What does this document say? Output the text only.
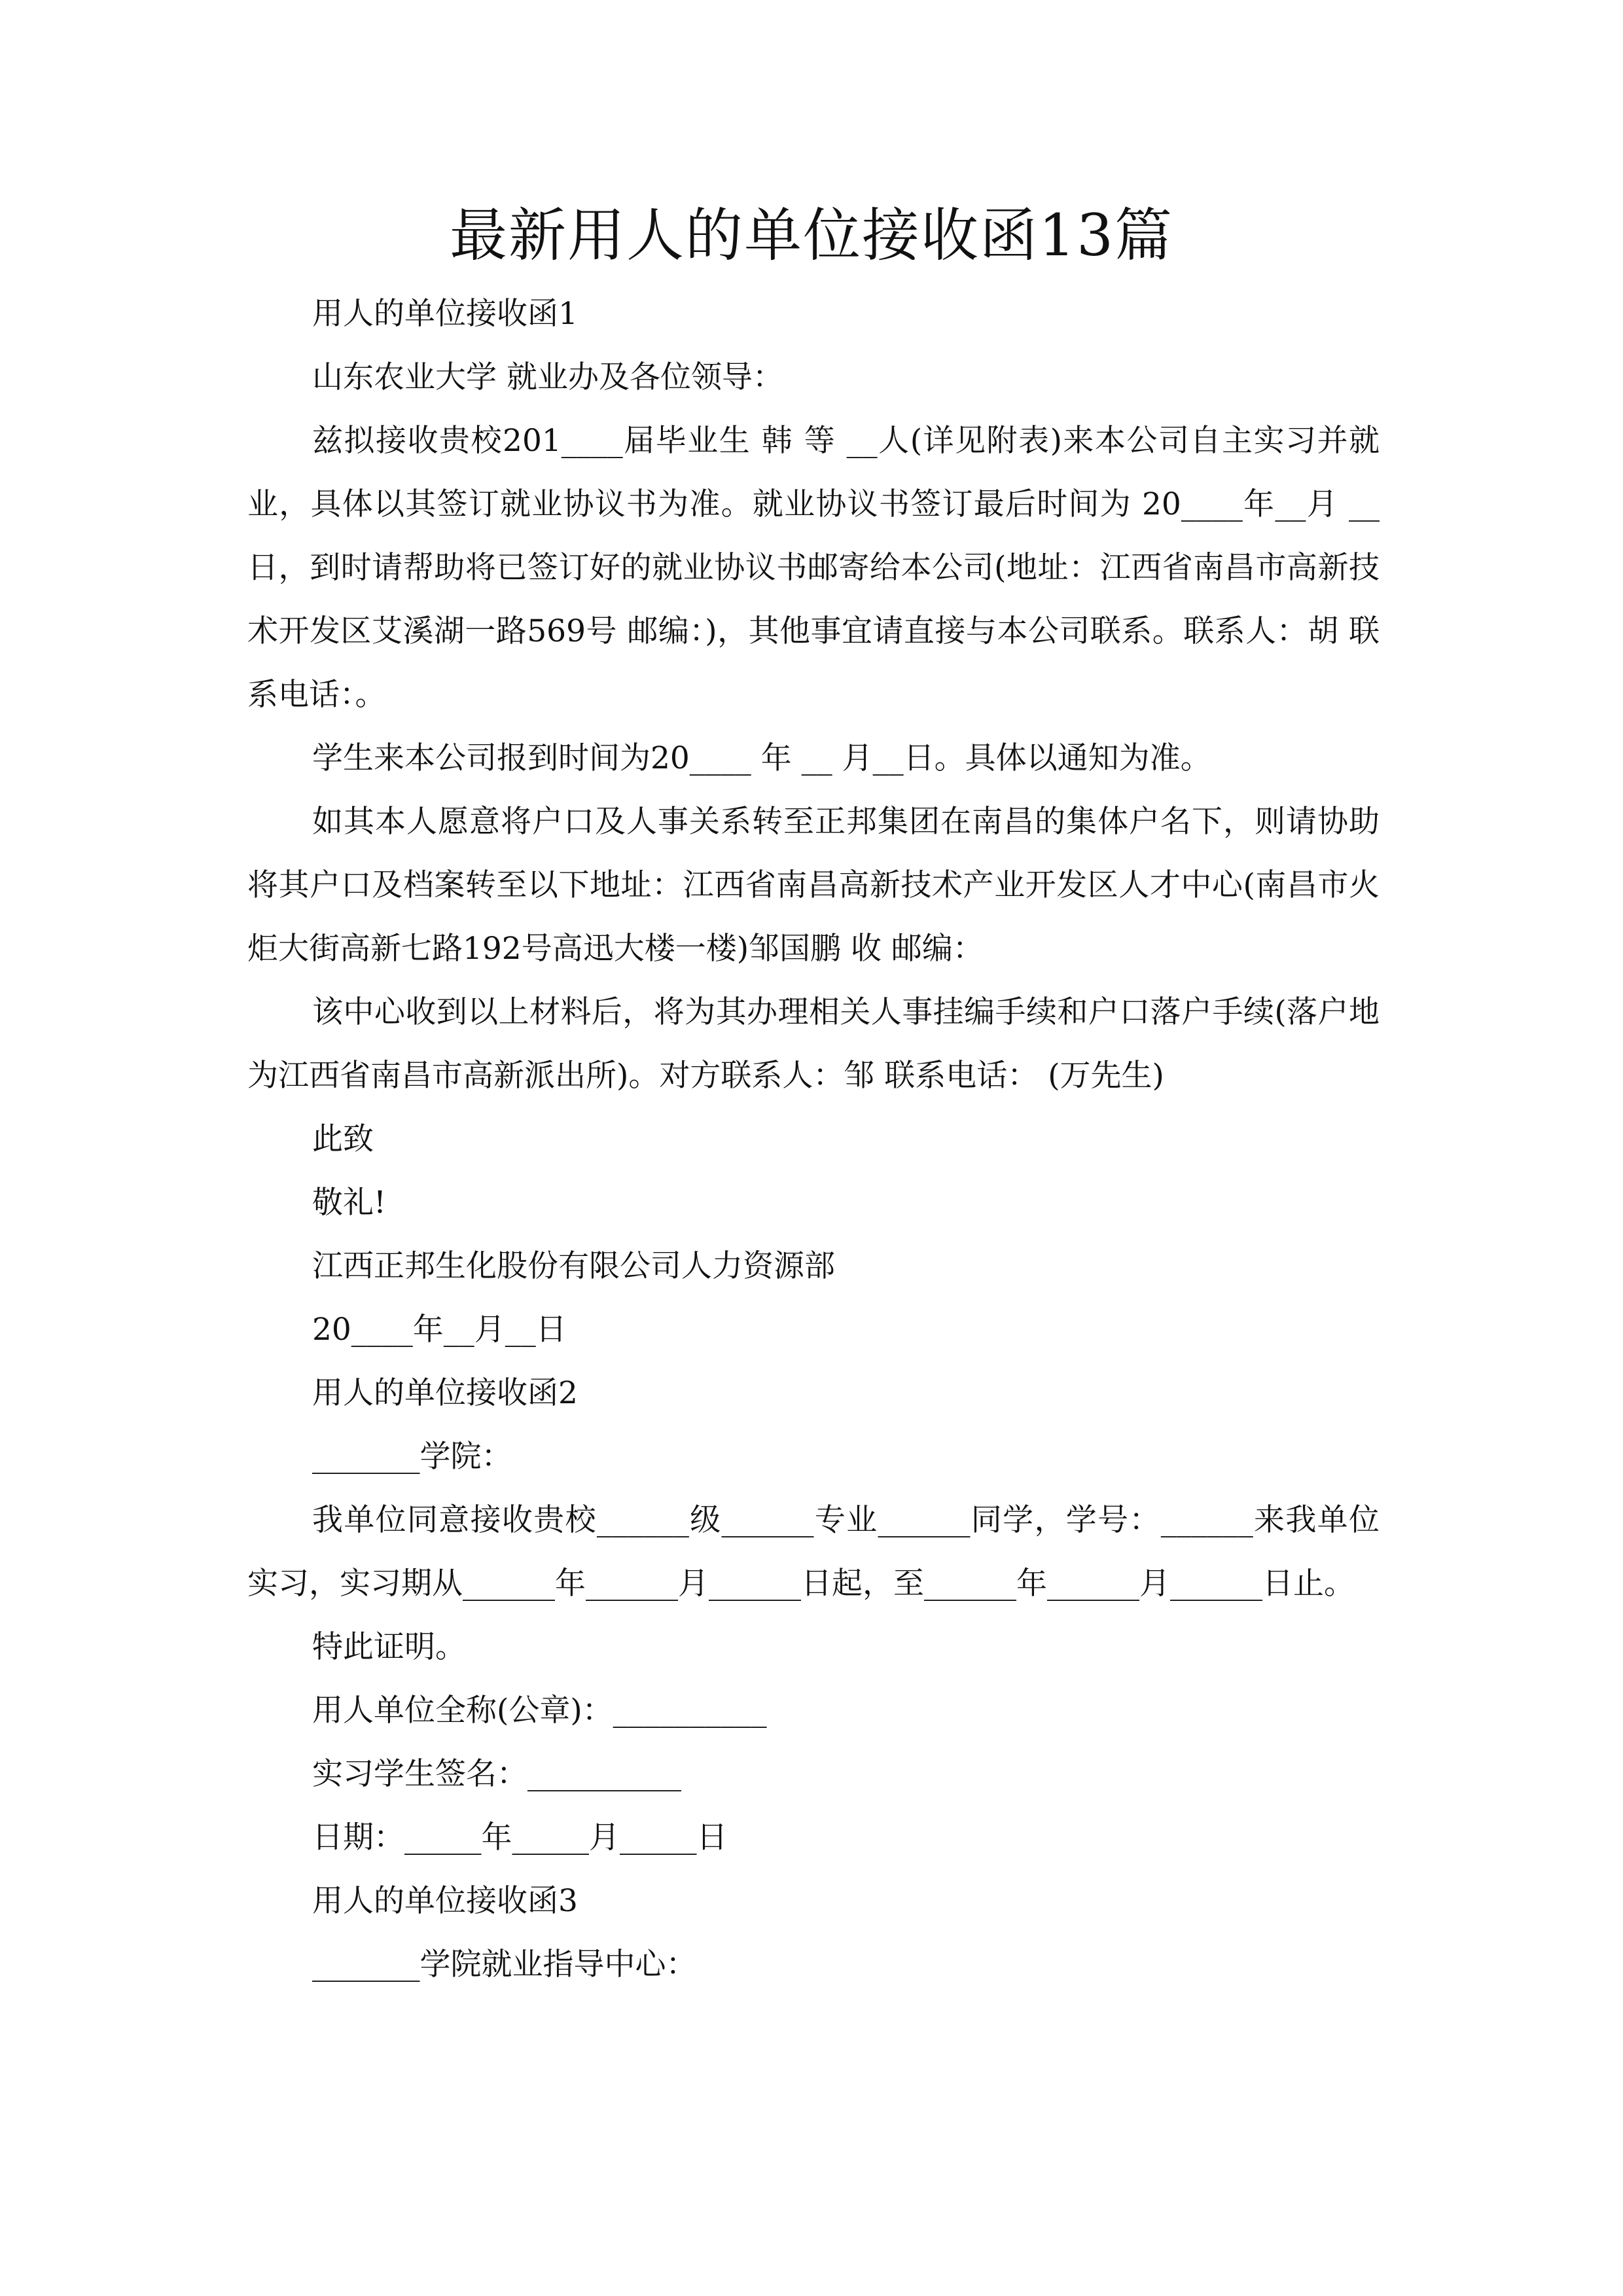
最新用人的单位接收函13篇

用人的单位接收函1

山东农业大学 就业办及各位领导：

兹拟接收贵校201____届毕业生 韩 等 __人(详见附表)来本公司自主实习并就业，具体以其签订就业协议书为准。就业协议书签订最后时间为 20____年__月 __日，到时请帮助将已签订好的就业协议书邮寄给本公司(地址：江西省南昌市高新技术开发区艾溪湖一路569号 邮编：)，其他事宜请直接与本公司联系。联系人：胡 联系电话：。

学生来本公司报到时间为20____ 年 __ 月__日。具体以通知为准。

如其本人愿意将户口及人事关系转至正邦集团在南昌的集体户名下，则请协助将其户口及档案转至以下地址：江西省南昌高新技术产业开发区人才中心(南昌市火炬大街高新七路192号高迅大楼一楼)邹国鹏 收 邮编：

该中心收到以上材料后，将为其办理相关人事挂编手续和户口落户手续(落户地为江西省南昌市高新派出所)。对方联系人：邹 联系电话： (万先生)

此致

敬礼!

江西正邦生化股份有限公司人力资源部

20____年__月__日

用人的单位接收函2

_______学院：

我单位同意接收贵校______级______专业______同学，学号：______来我单位实习，实习期从______年______月______日起，至______年______月______日止。

特此证明。

用人单位全称(公章)：__________

实习学生签名：__________

日期：_____年_____月_____日

用人的单位接收函3

_______学院就业指导中心：
